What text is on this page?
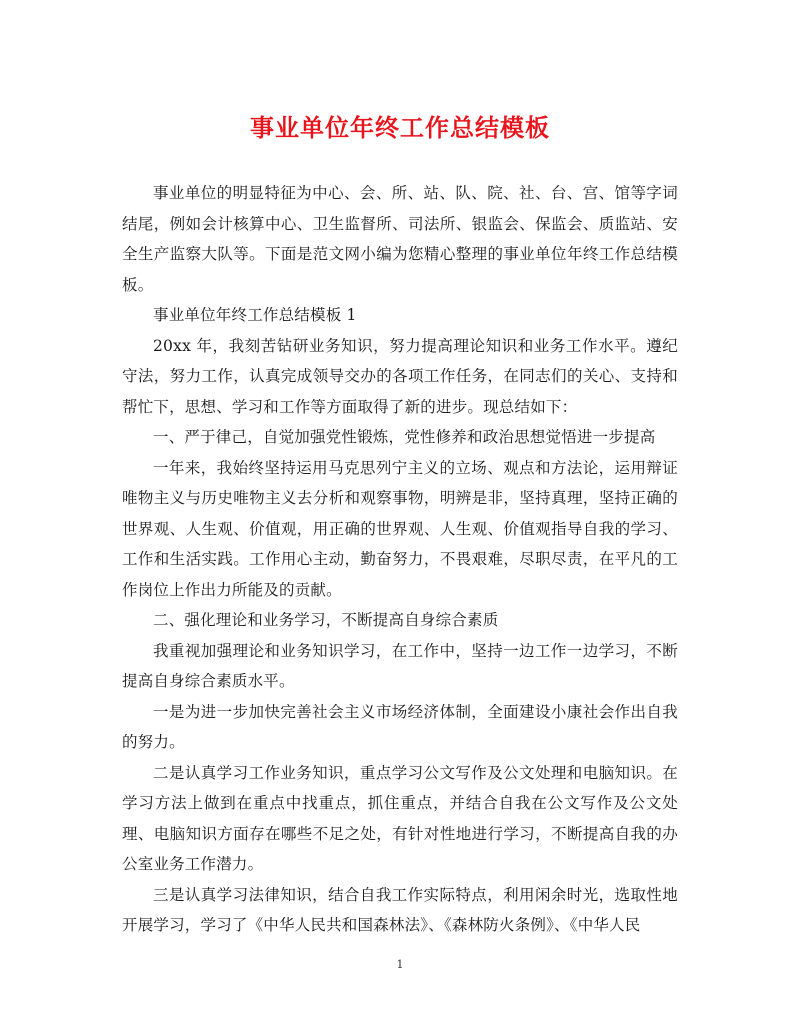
事业单位年终工作总结模板

事业单位的明显特征为中心、会、所、站、队、院、社、台、宫、馆等字词结尾，例如会计核算中心、卫生监督所、司法所、银监会、保监会、质监站、安全生产监察大队等。下面是范文网小编为您精心整理的事业单位年终工作总结模板。

事业单位年终工作总结模板 1

20xx 年，我刻苦钻研业务知识，努力提高理论知识和业务工作水平。遵纪守法，努力工作，认真完成领导交办的各项工作任务，在同志们的关心、支持和帮忙下，思想、学习和工作等方面取得了新的进步。现总结如下：

一、严于律己，自觉加强党性锻炼，党性修养和政治思想觉悟进一步提高

一年来，我始终坚持运用马克思列宁主义的立场、观点和方法论，运用辩证唯物主义与历史唯物主义去分析和观察事物，明辨是非，坚持真理，坚持正确的世界观、人生观、价值观，用正确的世界观、人生观、价值观指导自我的学习、工作和生活实践。工作用心主动，勤奋努力，不畏艰难，尽职尽责，在平凡的工作岗位上作出力所能及的贡献。

二、强化理论和业务学习，不断提高自身综合素质

我重视加强理论和业务知识学习，在工作中，坚持一边工作一边学习，不断提高自身综合素质水平。

一是为进一步加快完善社会主义市场经济体制，全面建设小康社会作出自我的努力。

二是认真学习工作业务知识，重点学习公文写作及公文处理和电脑知识。在学习方法上做到在重点中找重点，抓住重点，并结合自我在公文写作及公文处理、电脑知识方面存在哪些不足之处，有针对性地进行学习，不断提高自我的办公室业务工作潜力。

三是认真学习法律知识，结合自我工作实际特点，利用闲余时光，选取性地开展学习，学习了《中华人民共和国森林法》、《森林防火条例》、《中华人民

1
